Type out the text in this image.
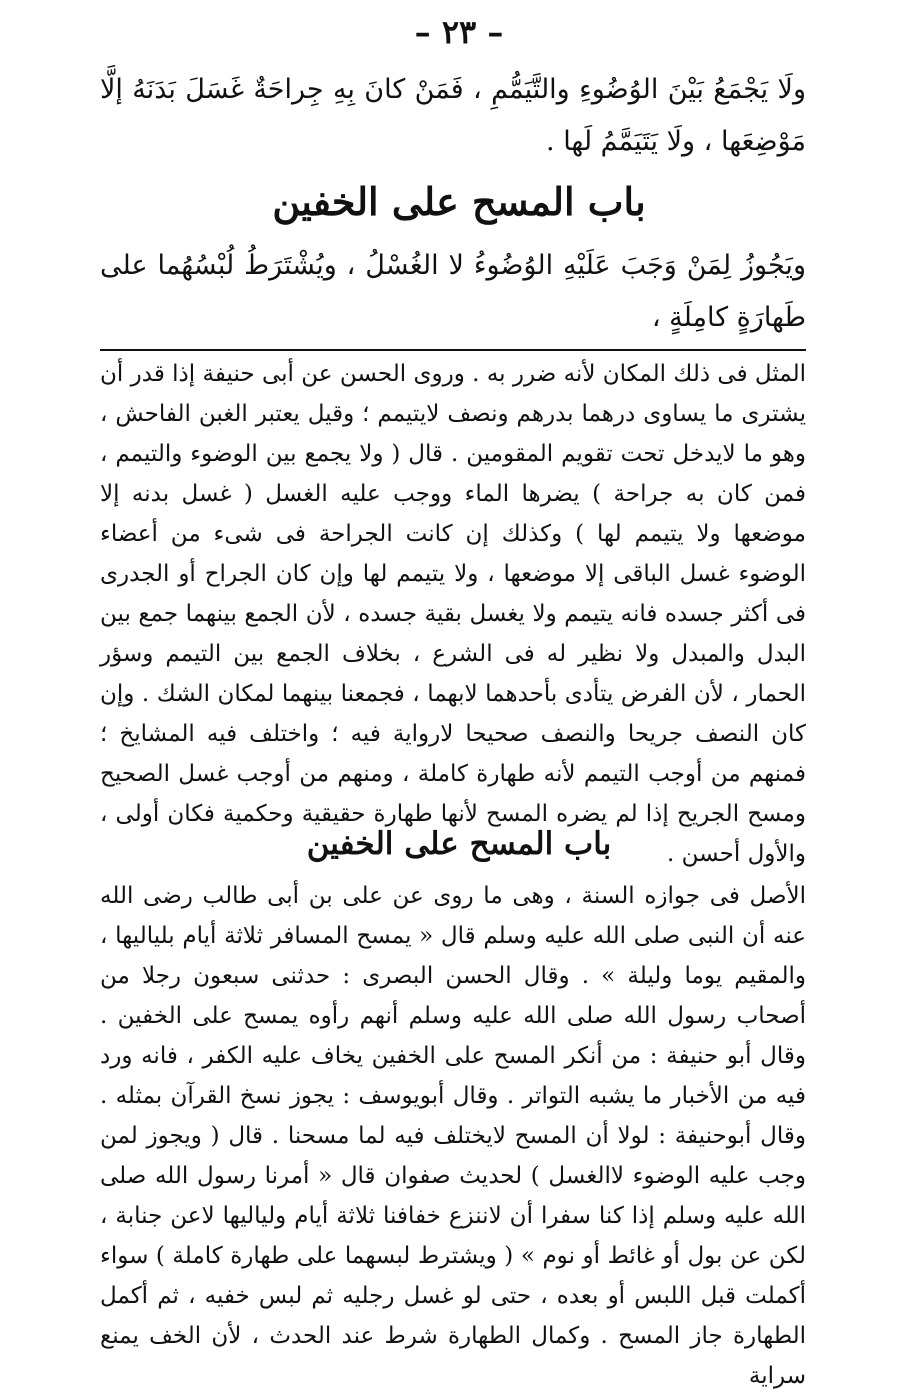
– ٢٣ –

ولَا يَجْمَعُ بَيْنَ الوُضُوءِ والتَّيَمُّمِ ، فَمَنْ كانَ بِهِ جِراحَةٌ غَسَلَ بَدَنَهُ إلَّا مَوْضِعَها ، ولَا يَتَيَمَّمُ لَها .

باب المسح على الخفين

ويَجُوزُ لِمَنْ وَجَبَ عَلَيْهِ الوُضُوءُ لا الغُسْلُ ، ويُشْتَرَطُ لُبْسُهُما على طَهارَةٍ كامِلَةٍ ،

المثل فى ذلك المكان لأنه ضرر به . وروى الحسن عن أبى حنيفة إذا قدر أن يشترى ما يساوى درهما بدرهم ونصف لايتيمم ؛ وقيل يعتبر الغبن الفاحش ، وهو ما لايدخل تحت تقويم المقومين . قال ( ولا يجمع بين الوضوء والتيمم ، فمن كان به جراحة ) يضرها الماء ووجب عليه الغسل ( غسل بدنه إلا موضعها ولا يتيمم لها ) وكذلك إن كانت الجراحة فى شىء من أعضاء الوضوء غسل الباقى إلا موضعها ، ولا يتيمم لها وإن كان الجراح أو الجدرى فى أكثر جسده فانه يتيمم ولا يغسل بقية جسده ، لأن الجمع بينهما جمع بين البدل والمبدل ولا نظير له فى الشرع ، بخلاف الجمع بين التيمم وسؤر الحمار ، لأن الفرض يتأدى بأحدهما لابهما ، فجمعنا بينهما لمكان الشك . وإن كان النصف جريحا والنصف صحيحا لارواية فيه ؛ واختلف فيه المشايخ ؛ فمنهم من أوجب التيمم لأنه طهارة كاملة ، ومنهم من أوجب غسل الصحيح ومسح الجريح إذا لم يضره المسح لأنها طهارة حقيقية وحكمية فكان أولى ، والأول أحسن .

باب المسح على الخفين

الأصل فى جوازه السنة ، وهى ما روى عن على بن أبى طالب رضى الله عنه أن النبى صلى الله عليه وسلم قال « يمسح المسافر ثلاثة أيام بلياليها ، والمقيم يوما وليلة » . وقال الحسن البصرى : حدثنى سبعون رجلا من أصحاب رسول الله صلى الله عليه وسلم أنهم رأوه يمسح على الخفين . وقال أبو حنيفة : من أنكر المسح على الخفين يخاف عليه الكفر ، فانه ورد فيه من الأخبار ما يشبه التواتر . وقال أبويوسف : يجوز نسخ القرآن بمثله . وقال أبوحنيفة : لولا أن المسح لايختلف فيه لما مسحنا . قال ( ويجوز لمن وجب عليه الوضوء لاالغسل ) لحديث صفوان قال « أمرنا رسول الله صلى الله عليه وسلم إذا كنا سفرا أن لاننزع خفافنا ثلاثة أيام ولياليها لاعن جنابة ، لكن عن بول أو غائط أو نوم » ( ويشترط لبسهما على طهارة كاملة ) سواء أكملت قبل اللبس أو بعده ، حتى لو غسل رجليه ثم لبس خفيه ، ثم أكمل الطهارة جاز المسح . وكمال الطهارة شرط عند الحدث ، لأن الخف يمنع سراية
